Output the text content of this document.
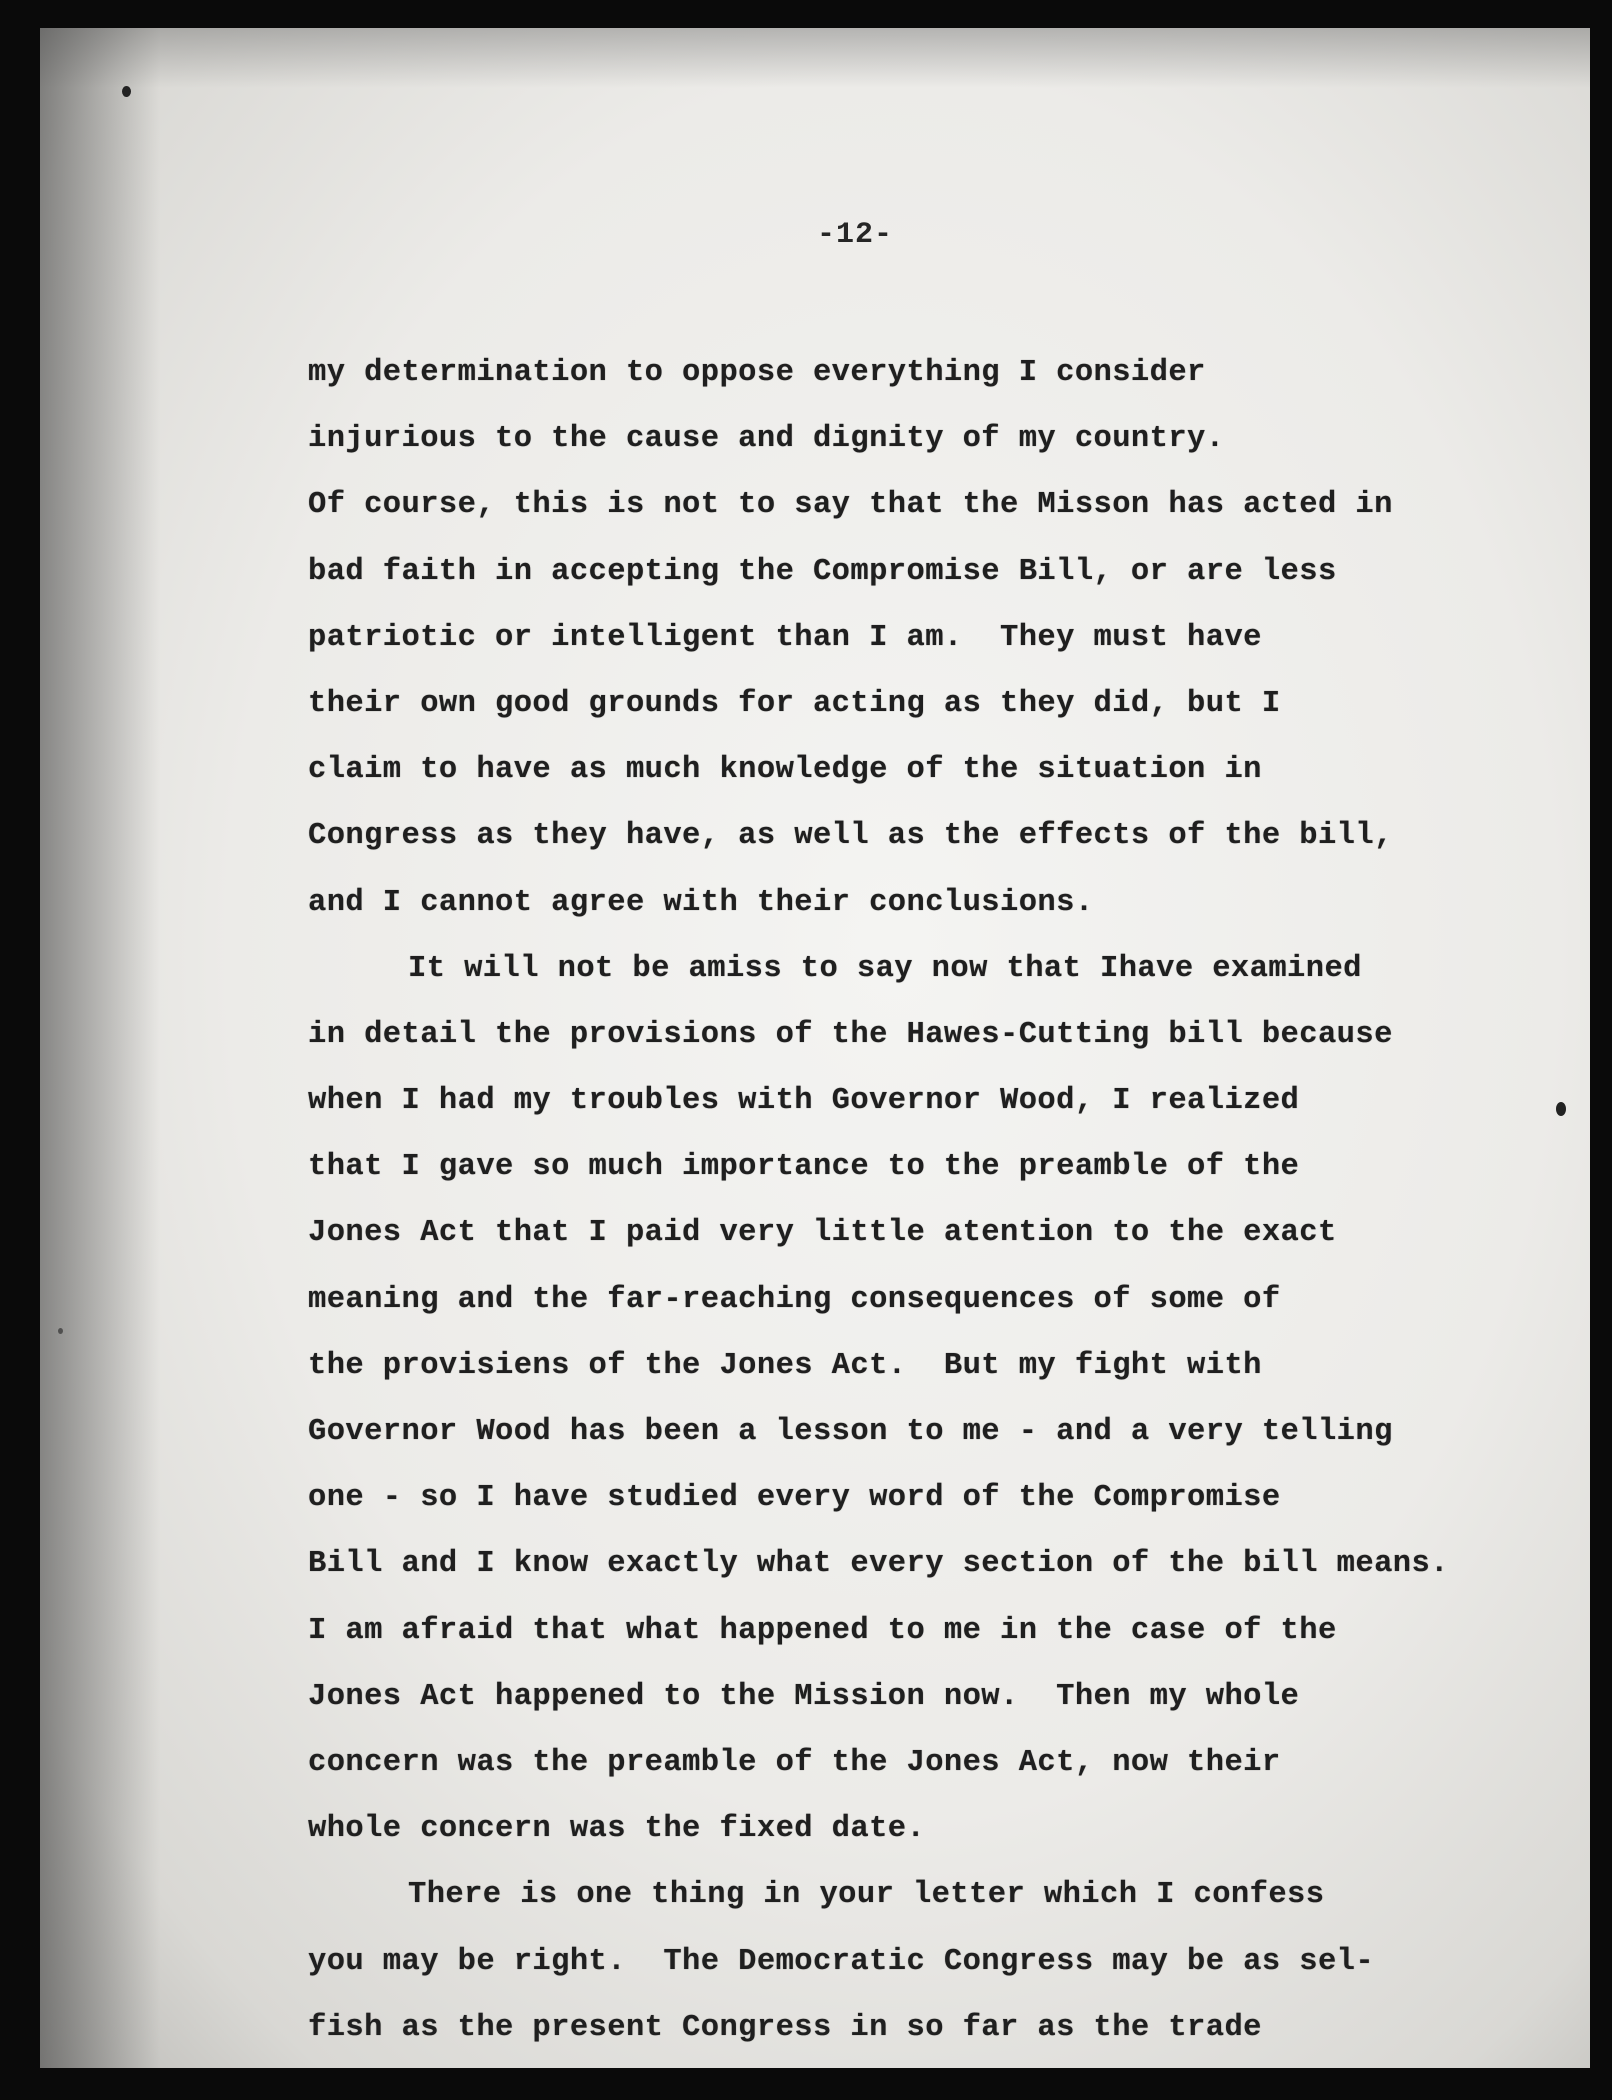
-12-
my determination to oppose everything I consider
injurious to the cause and dignity of my country.
Of course, this is not to say that the Misson has acted in
bad faith in accepting the Compromise Bill, or are less
patriotic or intelligent than I am.  They must have
their own good grounds for acting as they did, but I
claim to have as much knowledge of the situation in
Congress as they have, as well as the effects of the bill,
and I cannot agree with their conclusions.
It will not be amiss to say now that Ihave examined
in detail the provisions of the Hawes-Cutting bill because
when I had my troubles with Governor Wood, I realized
that I gave so much importance to the preamble of the
Jones Act that I paid very little atention to the exact
meaning and the far-reaching consequences of some of
the provisiens of the Jones Act.  But my fight with
Governor Wood has been a lesson to me - and a very telling
one - so I have studied every word of the Compromise
Bill and I know exactly what every section of the bill means.
I am afraid that what happened to me in the case of the
Jones Act happened to the Mission now.  Then my whole
concern was the preamble of the Jones Act, now their
whole concern was the fixed date.
There is one thing in your letter which I confess
you may be right.  The Democratic Congress may be as sel-
fish as the present Congress in so far as the trade
